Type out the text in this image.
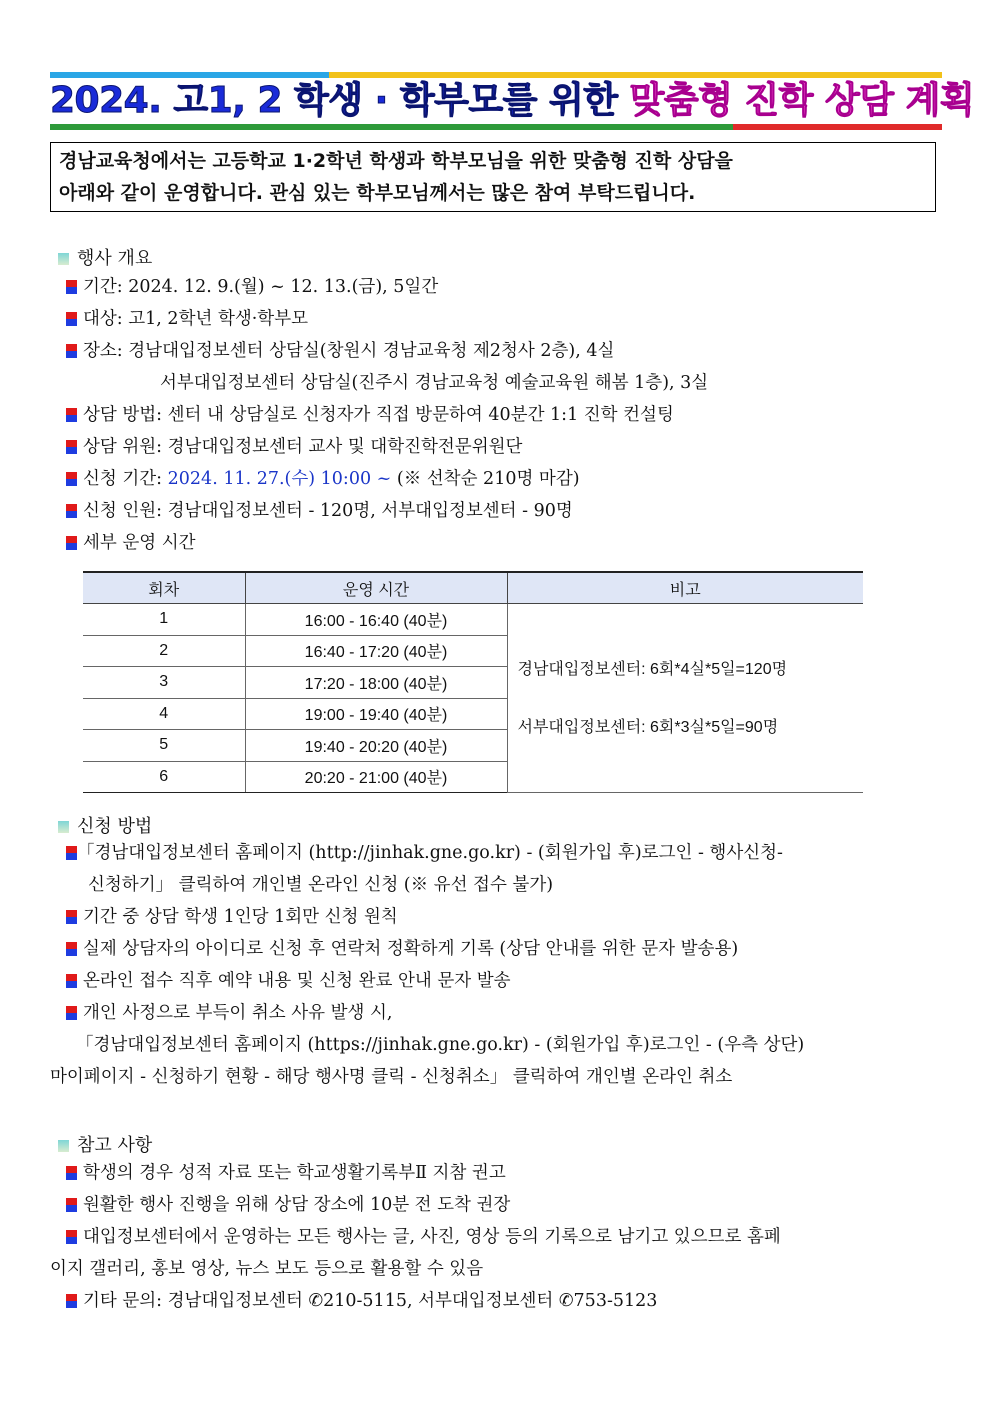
2024. 고1, 2 학생 · 학부모를 위한 맞춤형 진학 상담 계획

경남교육청에서는 고등학교 1·2학년 학생과 학부모님을 위한 맞춤형 진학 상담을

아래와 같이 운영합니다. 관심 있는 학부모님께서는 많은 참여 부탁드립니다.

행사 개요
기간: 2024. 12. 9.(월) ~ 12. 13.(금), 5일간
대상: 고1, 2학년 학생·학부모
장소: 경남대입정보센터 상담실(창원시 경남교육청 제2청사 2층), 4실
서부대입정보센터 상담실(진주시 경남교육청 예술교육원 해봄 1층), 3실
상담 방법: 센터 내 상담실로 신청자가 직접 방문하여 40분간 1:1 진학 컨설팅
상담 위원: 경남대입정보센터 교사 및 대학진학전문위원단
신청 기간: 2024. 11. 27.(수) 10:00 ~ (※ 선착순 210명 마감)
신청 인원: 경남대입정보센터 - 120명, 서부대입정보센터 - 90명
세부 운영 시간
회차	운영 시간	비고
1	16:00 - 16:40 (40분)	경남대입정보센터: 6회*4실*5일=120명
서부대입정보센터: 6회*3실*5일=90명

2	16:40 - 17:20 (40분)	
3	17:20 - 18:00 (40분)	
4	19:00 - 19:40 (40분)	
5	19:40 - 20:20 (40분)	
6	20:20 - 21:00 (40분)	
신청 방법
「경남대입정보센터 홈페이지 (http://jinhak.gne.go.kr) - (회원가입 후)로그인 - 행사신청-
신청하기」 클릭하여 개인별 온라인 신청 (※ 유선 접수 불가)
기간 중 상담 학생 1인당 1회만 신청 원칙
실제 상담자의 아이디로 신청 후 연락처 정확하게 기록 (상담 안내를 위한 문자 발송용)
온라인 접수 직후 예약 내용 및 신청 완료 안내 문자 발송
개인 사정으로 부득이 취소 사유 발생 시,
「경남대입정보센터 홈페이지 (https://jinhak.gne.go.kr) - (회원가입 후)로그인 - (우측 상단)
마이페이지 - 신청하기 현황 - 해당 행사명 클릭 - 신청취소」 클릭하여 개인별 온라인 취소
참고 사항
학생의 경우 성적 자료 또는 학교생활기록부Ⅱ 지참 권고
원활한 행사 진행을 위해 상담 장소에 10분 전 도착 권장
대입정보센터에서 운영하는 모든 행사는 글, 사진, 영상 등의 기록으로 남기고 있으므로 홈페
이지 갤러리, 홍보 영상, 뉴스 보도 등으로 활용할 수 있음
기타 문의: 경남대입정보센터 ✆210-5115, 서부대입정보센터 ✆753-5123
